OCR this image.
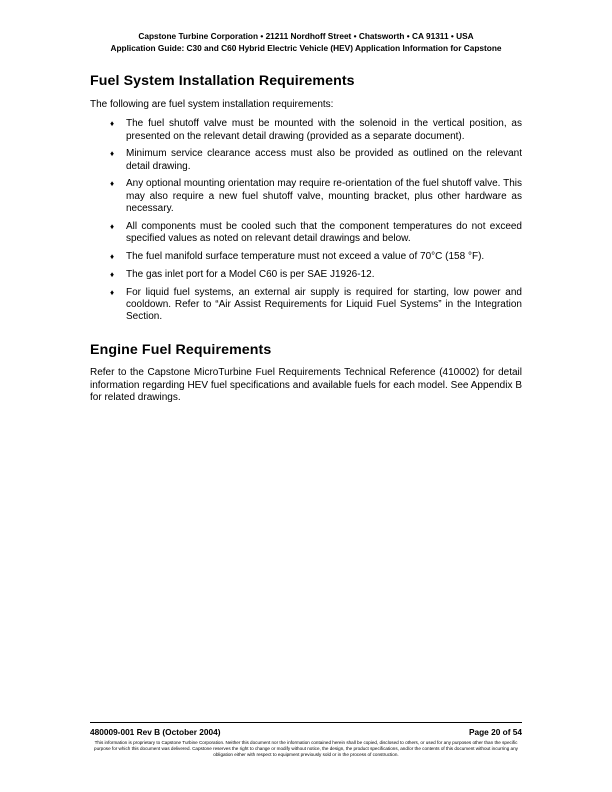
Capstone Turbine Corporation • 21211 Nordhoff Street • Chatsworth • CA 91311 • USA
Application Guide: C30 and C60 Hybrid Electric Vehicle (HEV) Application Information for Capstone
Fuel System Installation Requirements

The following are fuel system installation requirements:

♦ The fuel shutoff valve must be mounted with the solenoid in the vertical position, as presented on the relevant detail drawing (provided as a separate document).
♦ Minimum service clearance access must also be provided as outlined on the relevant detail drawing.
♦ Any optional mounting orientation may require re-orientation of the fuel shutoff valve. This may also require a new fuel shutoff valve, mounting bracket, plus other hardware as necessary.
♦ All components must be cooled such that the component temperatures do not exceed specified values as noted on relevant detail drawings and below.
♦ The fuel manifold surface temperature must not exceed a value of 70°C (158 °F).
♦ The gas inlet port for a Model C60 is per SAE J1926-12.
♦ For liquid fuel systems, an external air supply is required for starting, low power and cooldown. Refer to “Air Assist Requirements for Liquid Fuel Systems” in the Integration Section.
Engine Fuel Requirements

Refer to the Capstone MicroTurbine Fuel Requirements Technical Reference (410002) for detail information regarding HEV fuel specifications and available fuels for each model. See Appendix B for related drawings.

480009-001 Rev B (October 2004)	Page 20 of 54
This information is proprietary to Capstone Turbine Corporation. Neither this document nor the information contained herein shall be copied, disclosed to others, or used for any purposes other than the specific purpose for which this document was delivered. Capstone reserves the right to change or modify without notice, the design, the product specifications, and/or the contents of this document without incurring any obligation either with respect to equipment previously sold or in the process of construction.
